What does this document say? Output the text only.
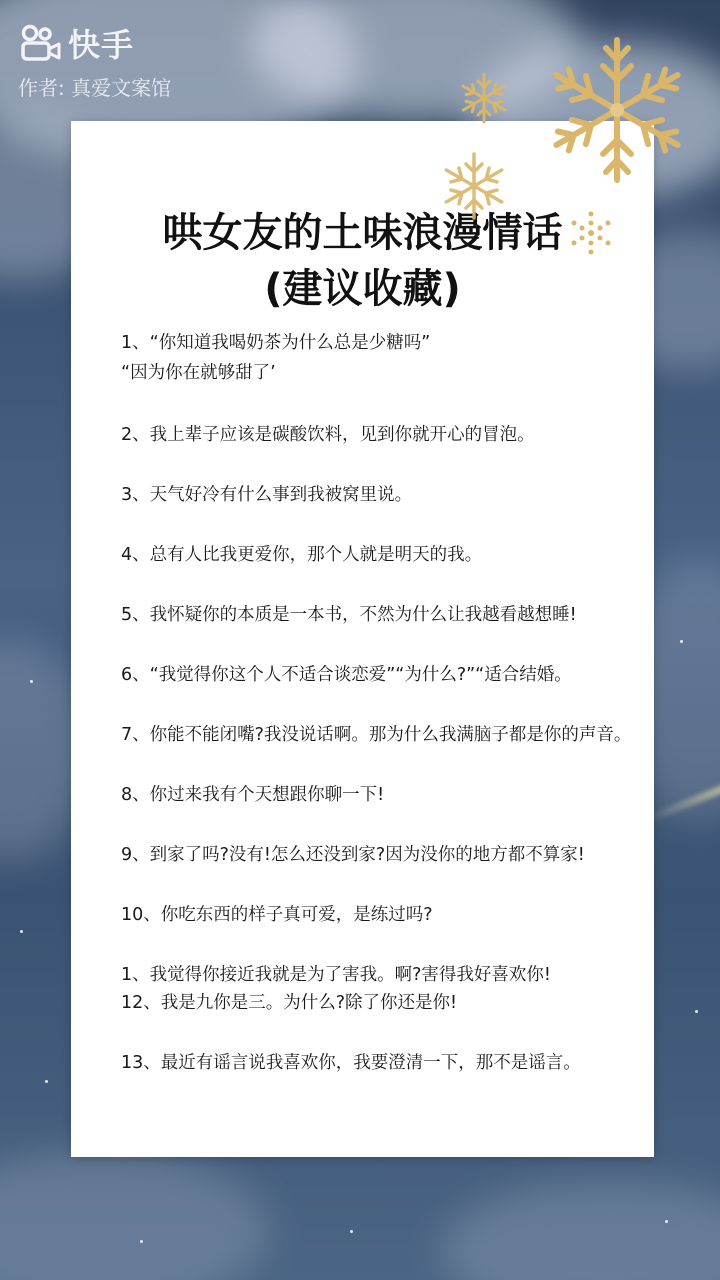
快手
作者: 真爱文案馆
哄女友的土味浪漫情话
(建议收藏)
1、“你知道我喝奶茶为什么总是少糖吗”
“因为你在就够甜了’
2、我上辈子应该是碳酸饮料，见到你就开心的冒泡。
3、天气好冷有什么事到我被窝里说。
4、总有人比我更爱你，那个人就是明天的我。
5、我怀疑你的本质是一本书，不然为什么让我越看越想睡!
6、“我觉得你这个人不适合谈恋爱”“为什么?”“适合结婚。
7、你能不能闭嘴?我没说话啊。那为什么我满脑子都是你的声音。
8、你过来我有个天想跟你聊一下!
9、到家了吗?没有!怎么还没到家?因为没你的地方都不算家!
10、你吃东西的样子真可爱，是练过吗?
1、我觉得你接近我就是为了害我。啊?害得我好喜欢你!
12、我是九你是三。为什么?除了你还是你!
13、最近有谣言说我喜欢你，我要澄清一下，那不是谣言。
